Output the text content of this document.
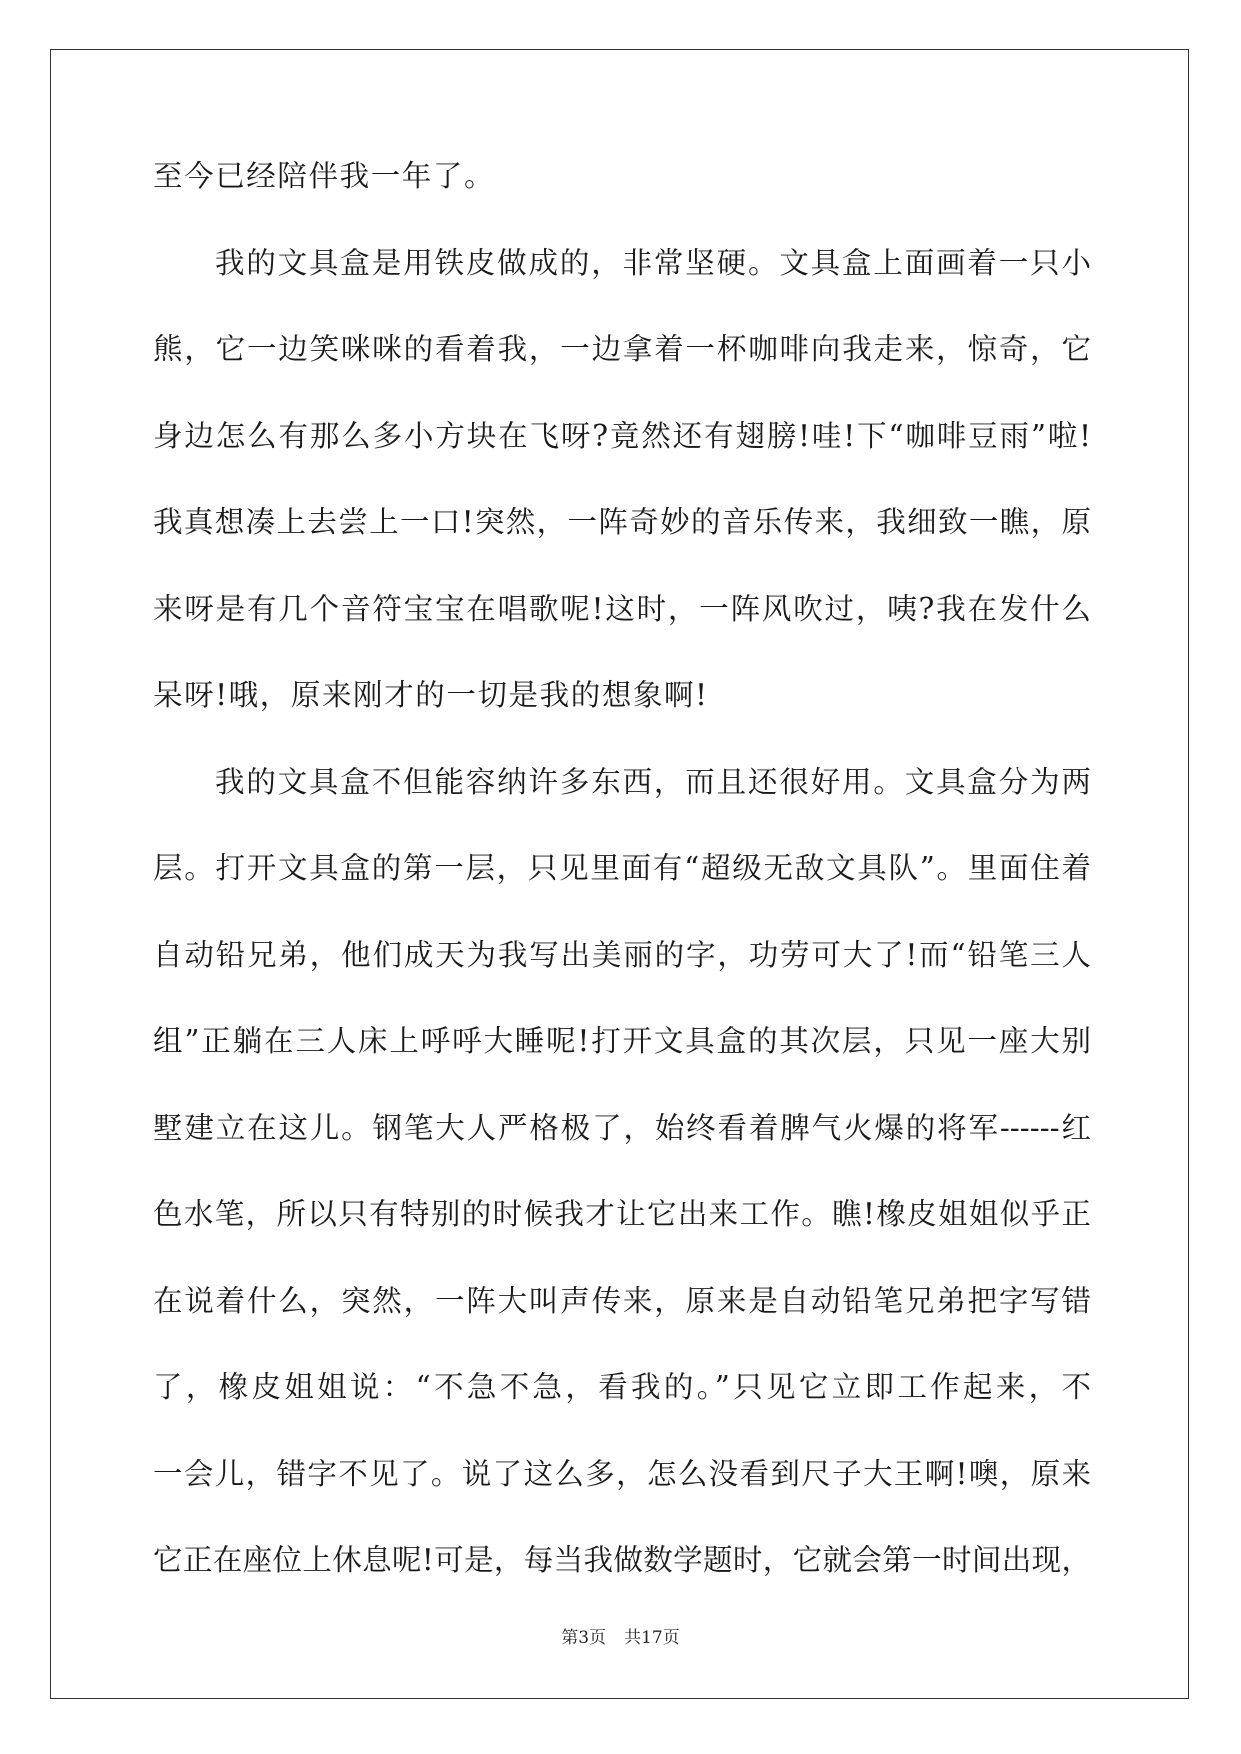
至今已经陪伴我一年了。
我的文具盒是用铁皮做成的，非常坚硬。文具盒上面画着一只小
熊，它一边笑咪咪的看着我，一边拿着一杯咖啡向我走来，惊奇，它
身边怎么有那么多小方块在飞呀?竟然还有翅膀!哇!下“咖啡豆雨”啦!
我真想凑上去尝上一口!突然，一阵奇妙的音乐传来，我细致一瞧，原
来呀是有几个音符宝宝在唱歌呢!这时，一阵风吹过，咦?我在发什么
呆呀!哦，原来刚才的一切是我的想象啊!
我的文具盒不但能容纳许多东西，而且还很好用。文具盒分为两
层。打开文具盒的第一层，只见里面有“超级无敌文具队”。里面住着
自动铅兄弟，他们成天为我写出美丽的字，功劳可大了!而“铅笔三人
组”正躺在三人床上呼呼大睡呢!打开文具盒的其次层，只见一座大别
墅建立在这儿。钢笔大人严格极了，始终看着脾气火爆的将军------红
色水笔，所以只有特别的时候我才让它出来工作。瞧!橡皮姐姐似乎正
在说着什么，突然，一阵大叫声传来，原来是自动铅笔兄弟把字写错
了，橡皮姐姐说：“不急不急，看我的。”只见它立即工作起来，不
一会儿，错字不见了。说了这么多，怎么没看到尺子大王啊!噢，原来
它正在座位上休息呢!可是，每当我做数学题时，它就会第一时间出现，
第3页 共17页
